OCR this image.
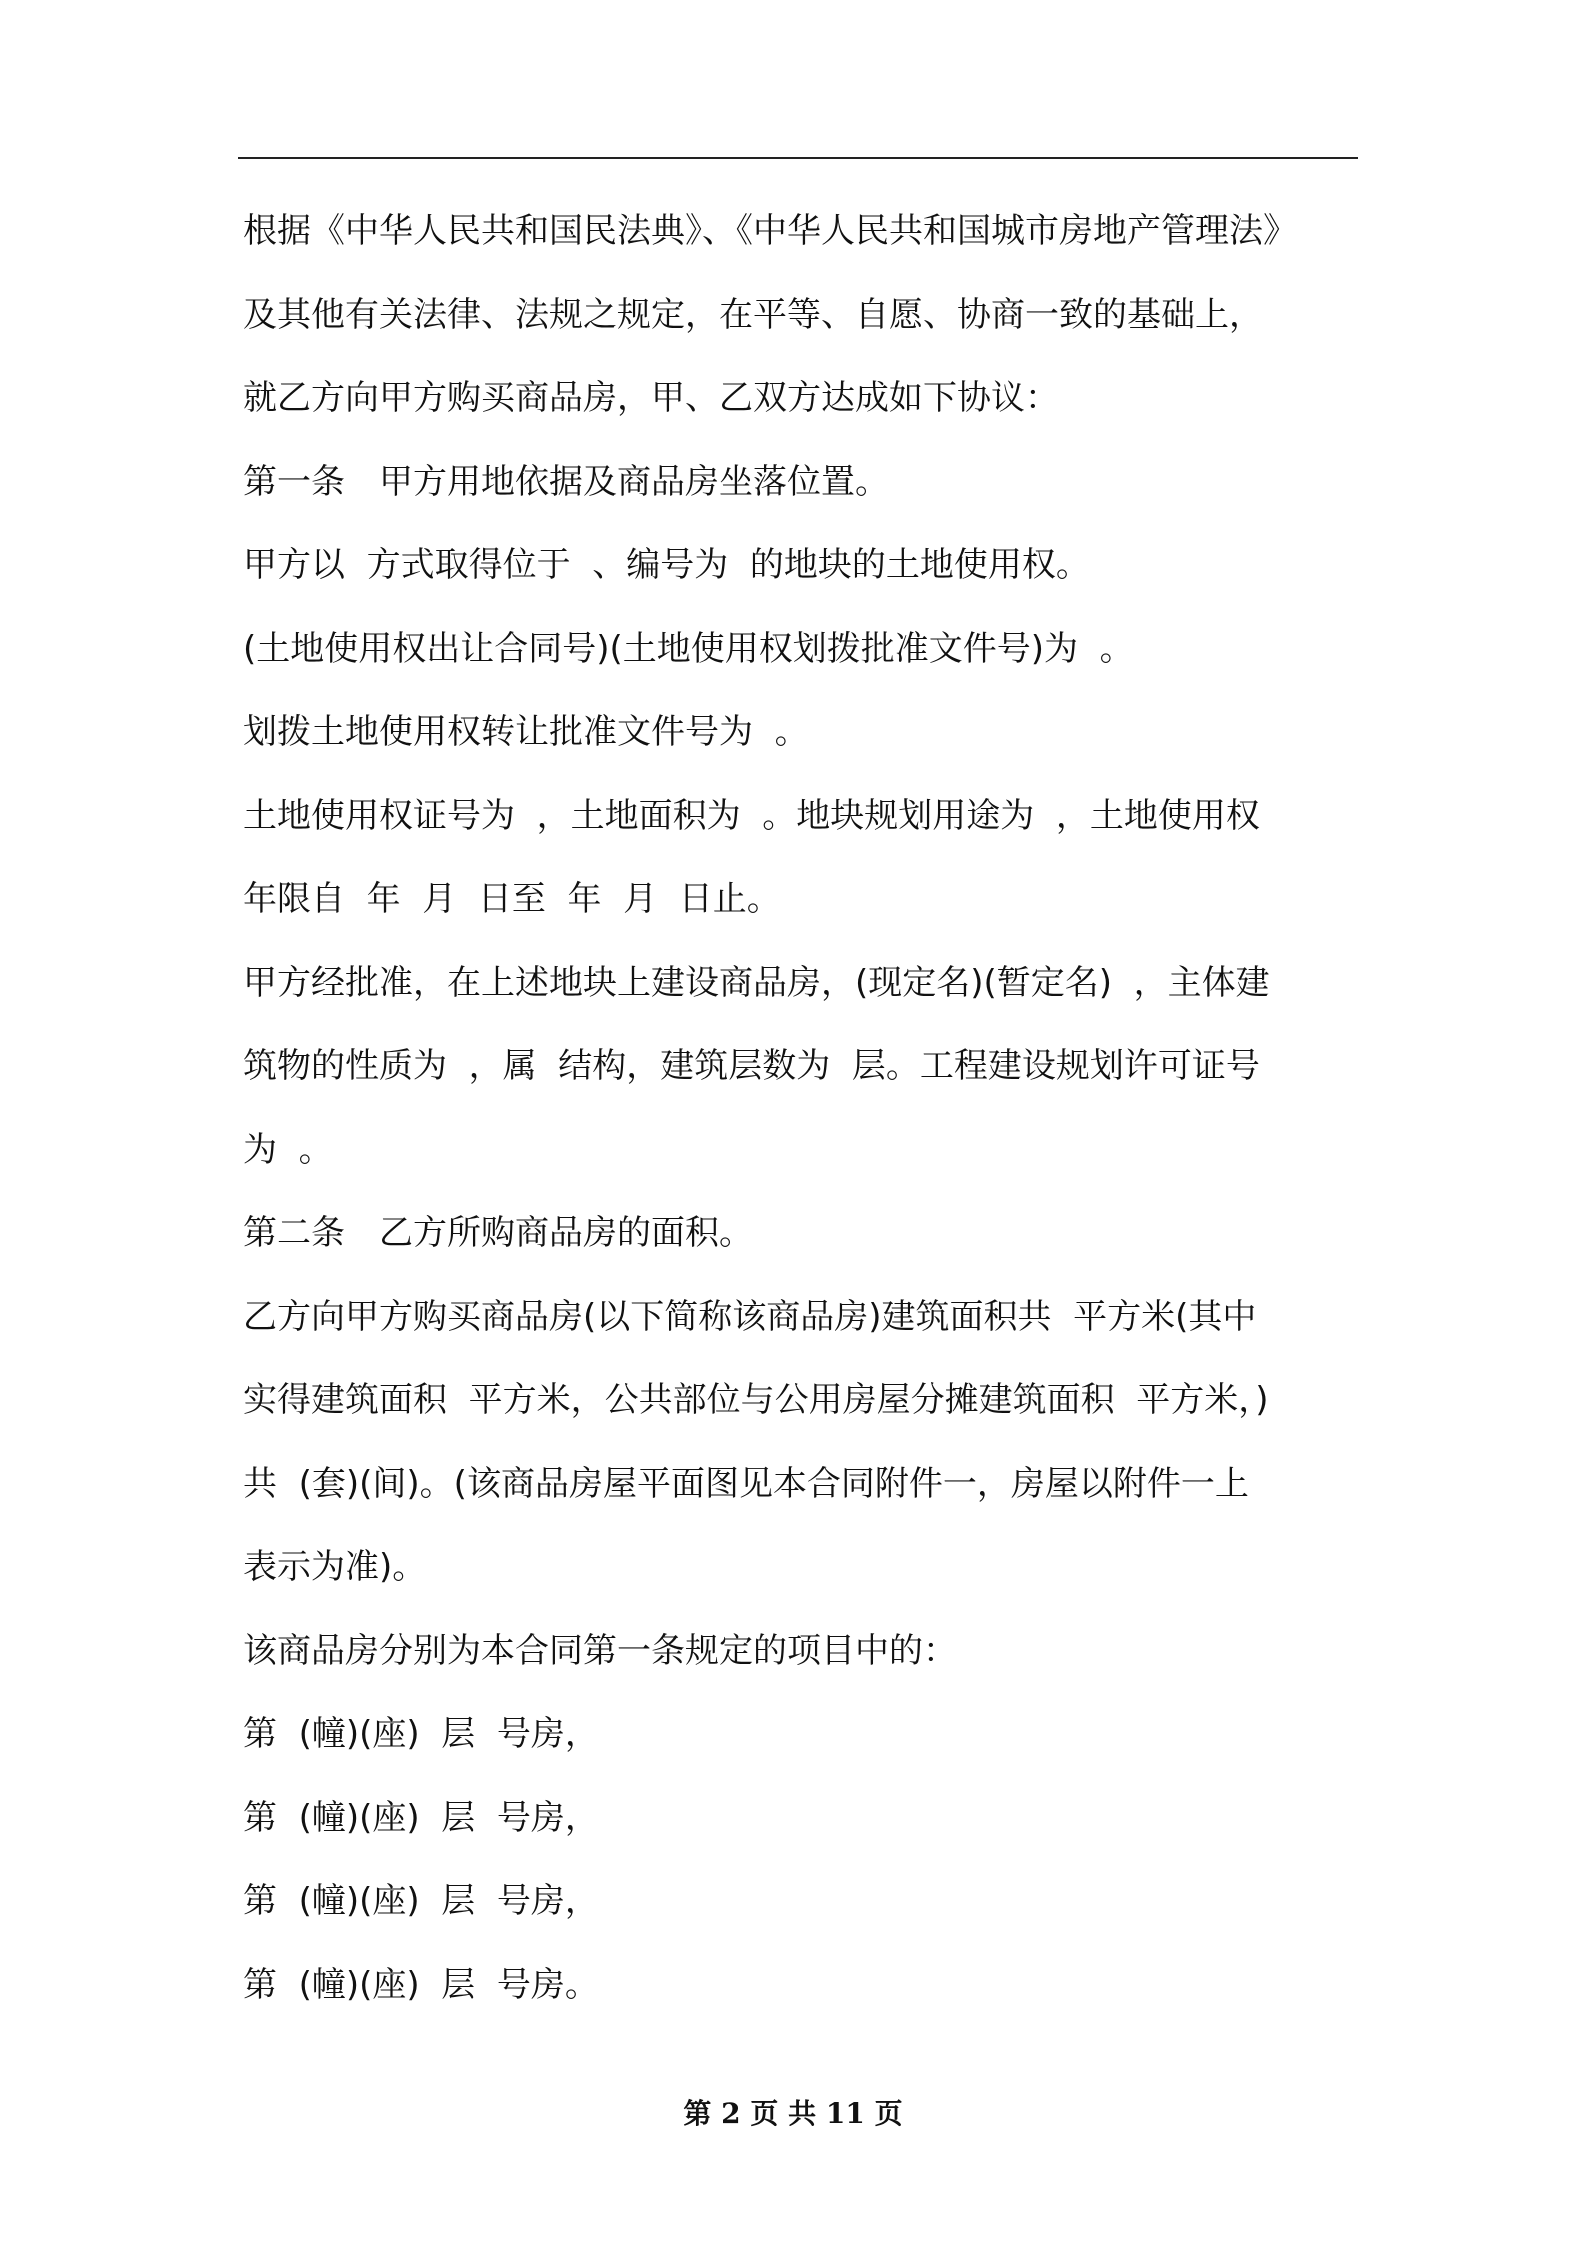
根据《中华人民共和国民法典》、《中华人民共和国城市房地产管理法》
及其他有关法律、法规之规定，在平等、自愿、协商一致的基础上，
就乙方向甲方购买商品房，甲、乙双方达成如下协议：
第一条　甲方用地依据及商品房坐落位置。
甲方以  方式取得位于  、编号为  的地块的土地使用权。
(土地使用权出让合同号)(土地使用权划拨批准文件号)为  。
划拨土地使用权转让批准文件号为  。
土地使用权证号为  ，土地面积为  。地块规划用途为  ，土地使用权
年限自  年  月  日至  年  月  日止。
甲方经批准，在上述地块上建设商品房，(现定名)(暂定名)  ，主体建
筑物的性质为  ，属  结构，建筑层数为  层。工程建设规划许可证号
为  。
第二条　乙方所购商品房的面积。
乙方向甲方购买商品房(以下简称该商品房)建筑面积共  平方米(其中
实得建筑面积  平方米，公共部位与公用房屋分摊建筑面积  平方米，)
共  (套)(间)。(该商品房屋平面图见本合同附件一，房屋以附件一上
表示为准)。
该商品房分别为本合同第一条规定的项目中的：
第  (幢)(座)  层  号房，
第  (幢)(座)  层  号房，
第  (幢)(座)  层  号房，
第  (幢)(座)  层  号房。
第 2 页 共 11 页
